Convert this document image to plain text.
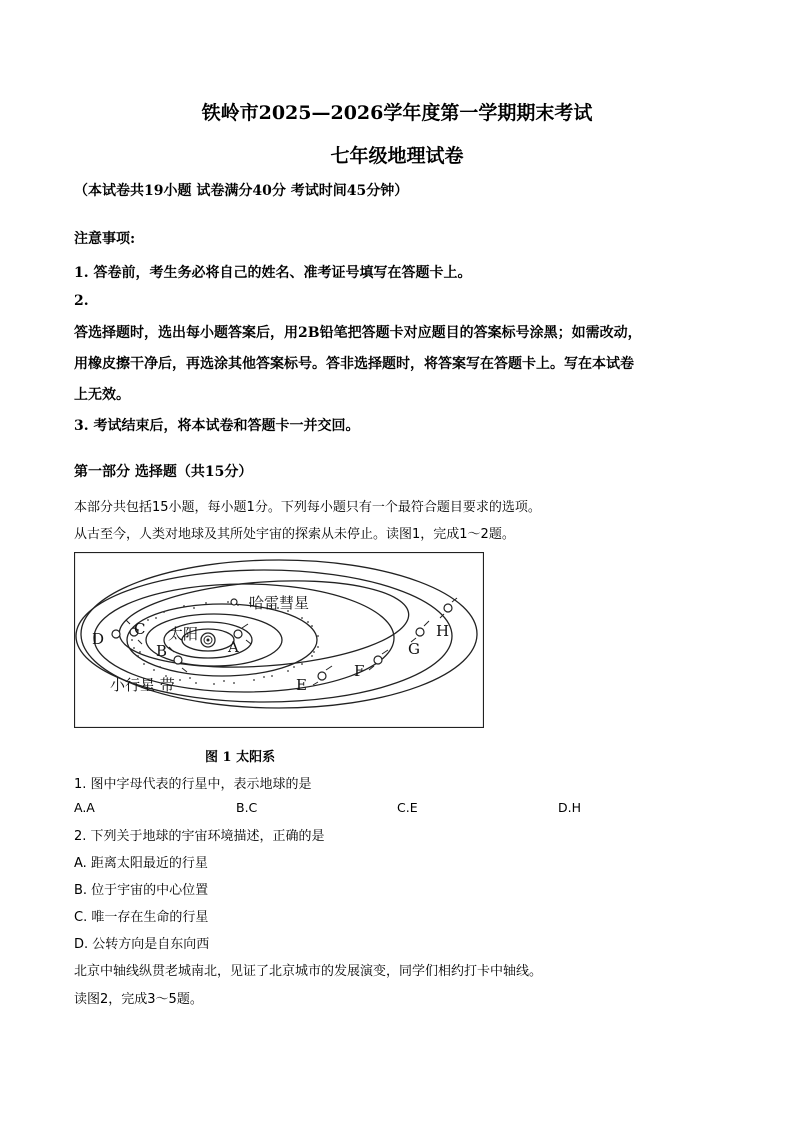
铁岭市2025—2026学年度第一学期期末考试
七年级地理试卷
（本试卷共19小题 试卷满分40分 考试时间45分钟）
注意事项:
1. 答卷前，考生务必将自己的姓名、准考证号填写在答题卡上。
2.
答选择题时，选出每小题答案后，用2B铅笔把答题卡对应题目的答案标号涂黑；如需改动，
用橡皮擦干净后，再选涂其他答案标号。答非选择题时，将答案写在答题卡上。写在本试卷
上无效。
3. 考试结束后，将本试卷和答题卡一并交回。
第一部分 选择题（共15分）
本部分共包括15小题，每小题1分。下列每小题只有一个最符合题目要求的选项。
从古至今，人类对地球及其所处宇宙的探索从未停止。读图1，完成1～2题。
哈雷彗星
太阳
小行星 带
A
B
C
D
E
F
G
H
图 1 太阳系
1. 图中字母代表的行星中，表示地球的是
A.A	B.C	C.E	D.H
2. 下列关于地球的宇宙环境描述，正确的是
A. 距离太阳最近的行星
B. 位于宇宙的中心位置
C. 唯一存在生命的行星
D. 公转方向是自东向西
北京中轴线纵贯老城南北，见证了北京城市的发展演变，同学们相约打卡中轴线。
读图2，完成3～5题。
